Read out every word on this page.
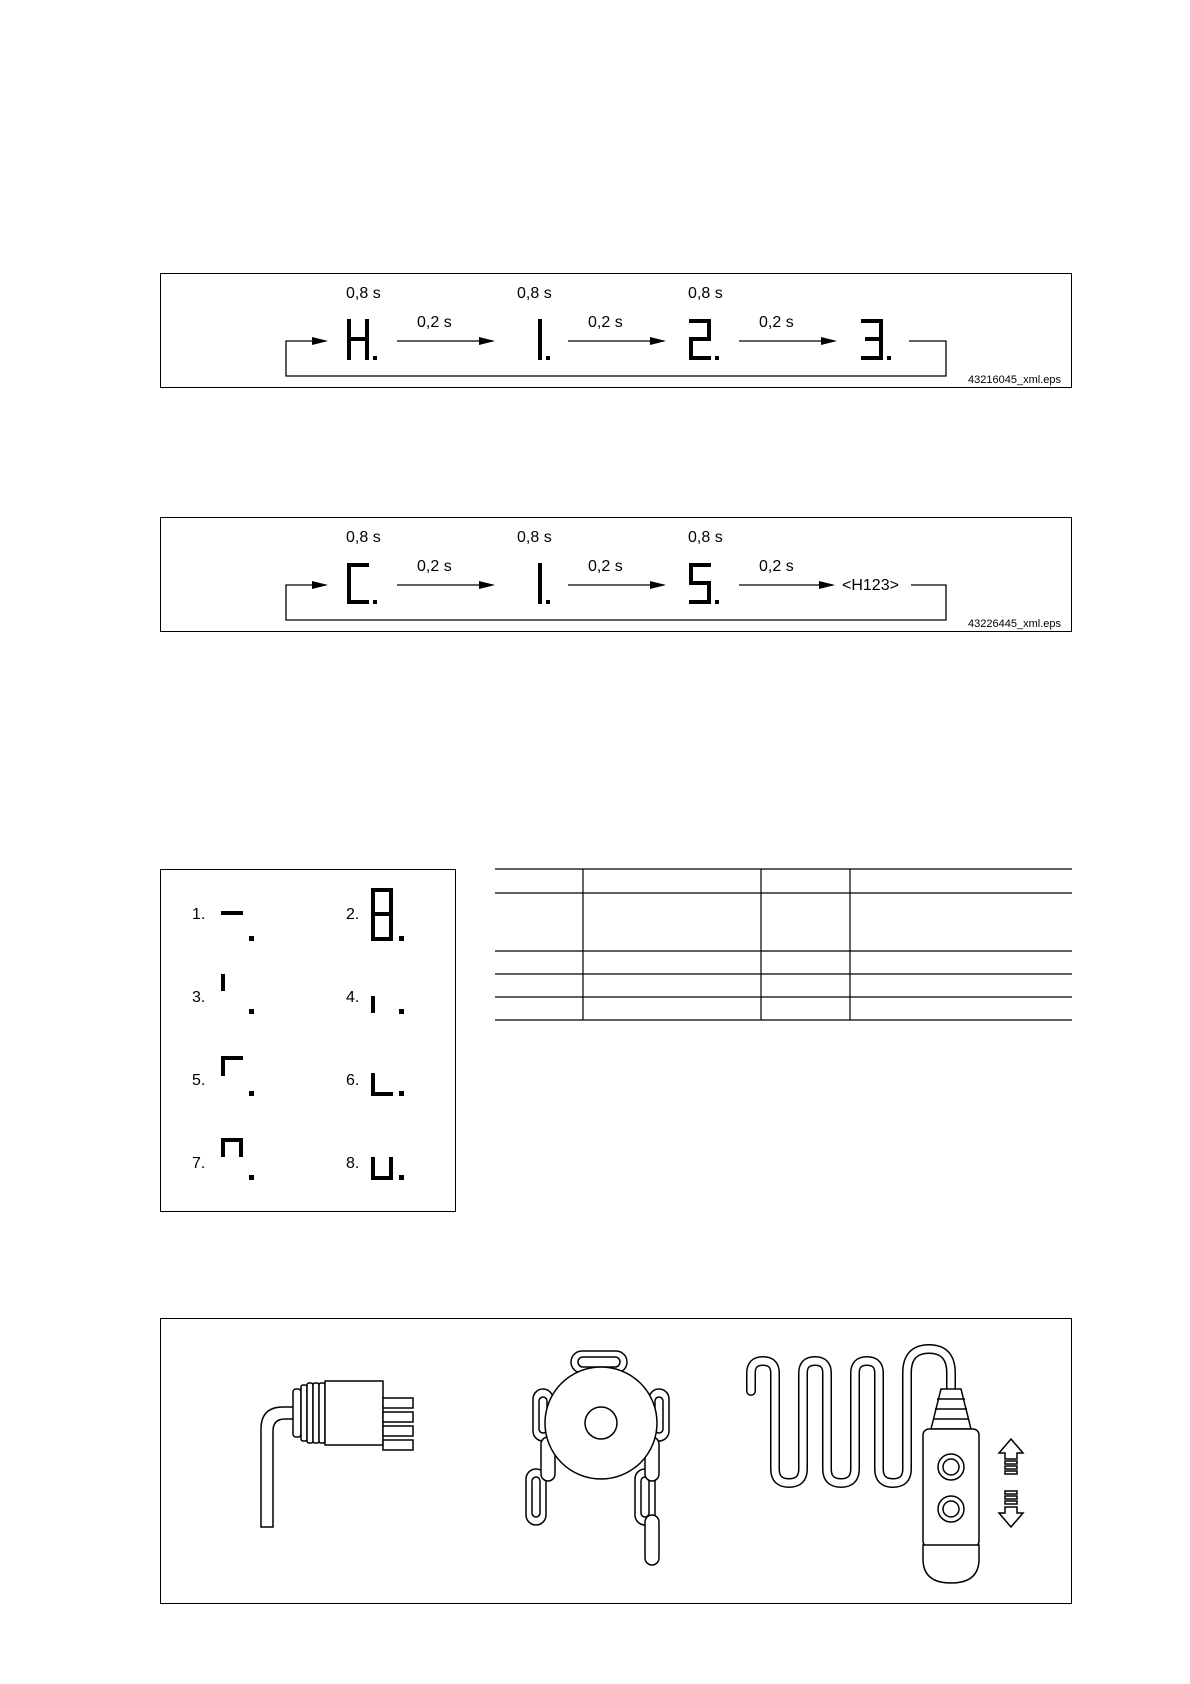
0,8 s	0,8 s	0,8 s
0,2 s	0,2 s	0,2 s
43216045_xml.eps
0,8 s	0,8 s	0,8 s
0,2 s	0,2 s	0,2 s
<H123>
43226445_xml.eps
1.	2.
3.	4.
5.	6.
7.	8.
